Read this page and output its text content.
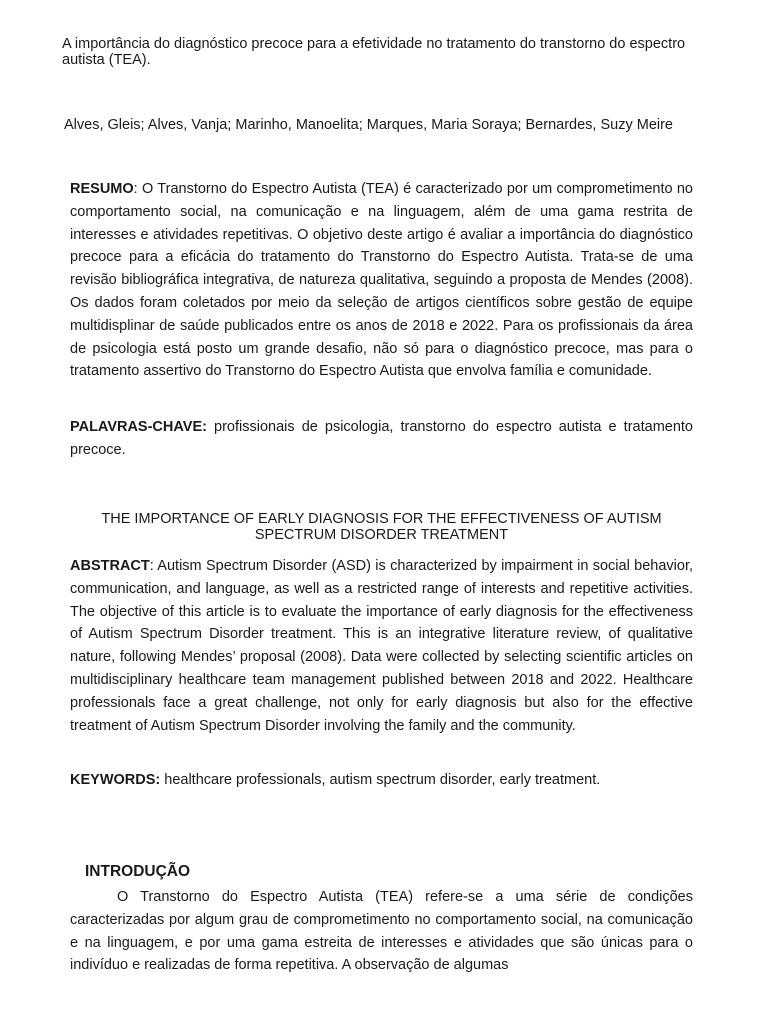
A importância do diagnóstico precoce para a efetividade no tratamento do transtorno do espectro autista (TEA).

Alves, Gleis; Alves, Vanja; Marinho, Manoelita; Marques, Maria Soraya; Bernardes, Suzy Meire

RESUMO: O Transtorno do Espectro Autista (TEA) é caracterizado por um comprometimento no comportamento social, na comunicação e na linguagem, além de uma gama restrita de interesses e atividades repetitivas. O objetivo deste artigo é avaliar a importância do diagnóstico precoce para a eficácia do tratamento do Transtorno do Espectro Autista. Trata-se de uma revisão bibliográfica integrativa, de natureza qualitativa, seguindo a proposta de Mendes (2008). Os dados foram coletados por meio da seleção de artigos científicos sobre gestão de equipe multidisplinar de saúde publicados entre os anos de 2018 e 2022. Para os profissionais da área de psicologia está posto um grande desafio, não só para o diagnóstico precoce, mas para o tratamento assertivo do Transtorno do Espectro Autista que envolva família e comunidade.

PALAVRAS-CHAVE: profissionais de psicologia, transtorno do espectro autista e tratamento precoce.

THE IMPORTANCE OF EARLY DIAGNOSIS FOR THE EFFECTIVENESS OF AUTISM SPECTRUM DISORDER TREATMENT

ABSTRACT: Autism Spectrum Disorder (ASD) is characterized by impairment in social behavior, communication, and language, as well as a restricted range of interests and repetitive activities. The objective of this article is to evaluate the importance of early diagnosis for the effectiveness of Autism Spectrum Disorder treatment. This is an integrative literature review, of qualitative nature, following Mendes’ proposal (2008). Data were collected by selecting scientific articles on multidisciplinary healthcare team management published between 2018 and 2022. Healthcare professionals face a great challenge, not only for early diagnosis but also for the effective treatment of Autism Spectrum Disorder involving the family and the community.

KEYWORDS: healthcare professionals, autism spectrum disorder, early treatment.

INTRODUÇÃO

O Transtorno do Espectro Autista (TEA) refere-se a uma série de condições caracterizadas por algum grau de comprometimento no comportamento social, na comunicação e na linguagem, e por uma gama estreita de interesses e atividades que são únicas para o indivíduo e realizadas de forma repetitiva. A observação de algumas
